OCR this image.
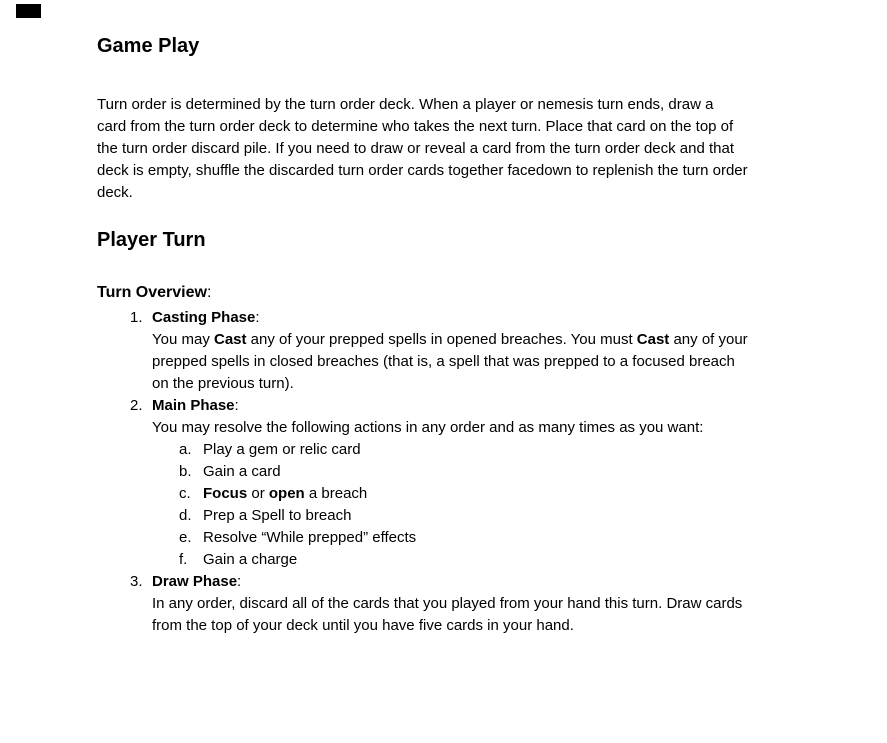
Game Play

Turn order is determined by the turn order deck. When a player or nemesis turn ends, draw a
card from the turn order deck to determine who takes the next turn. Place that card on the top of
the turn order discard pile. If you need to draw or reveal a card from the turn order deck and that
deck is empty, shuffle the discarded turn order cards together facedown to replenish the turn order
deck.

Player Turn
Turn Overview:
1. Casting Phase:
You may Cast any of your prepped spells in opened breaches. You must Cast any of your
prepped spells in closed breaches (that is, a spell that was prepped to a focused breach
on the previous turn).
2. Main Phase:
You may resolve the following actions in any order and as many times as you want:
a. Play a gem or relic card
b. Gain a card
c. Focus or open a breach
d. Prep a Spell to breach
e. Resolve “While prepped” effects
f.	Gain a charge
3. Draw Phase:
In any order, discard all of the cards that you played from your hand this turn. Draw cards
from the top of your deck until you have five cards in your hand.
